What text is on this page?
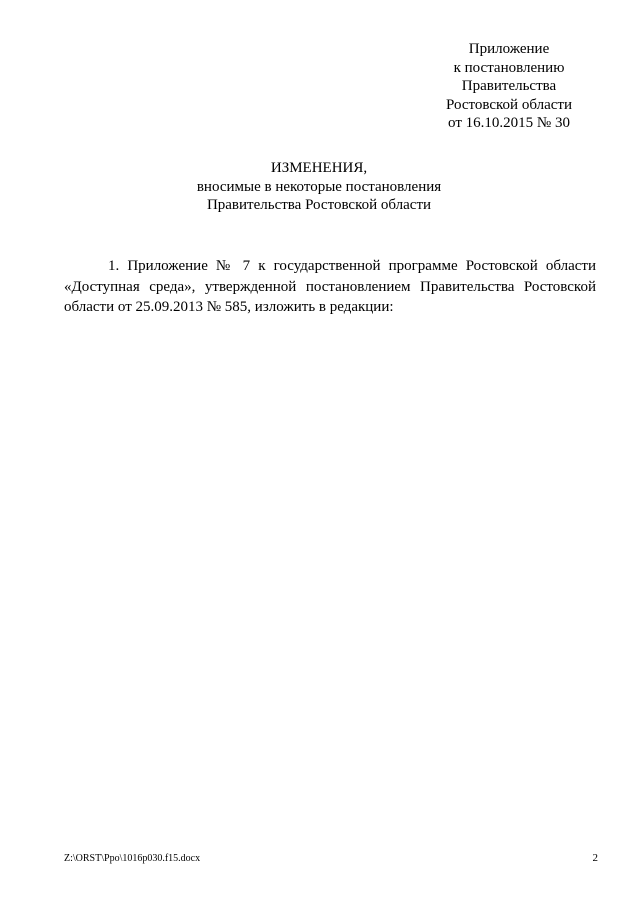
Приложение
к постановлению
Правительства
Ростовской области
от 16.10.2015 № 30
ИЗМЕНЕНИЯ,
вносимые в некоторые постановления
Правительства Ростовской области

1. Приложение № 7 к государственной программе Ростовской области «Доступная среда», утвержденной постановлением Правительства Ростовской области от 25.09.2013 № 585, изложить в редакции:

Z:\ORST\Ppo\1016p030.f15.docx	2
